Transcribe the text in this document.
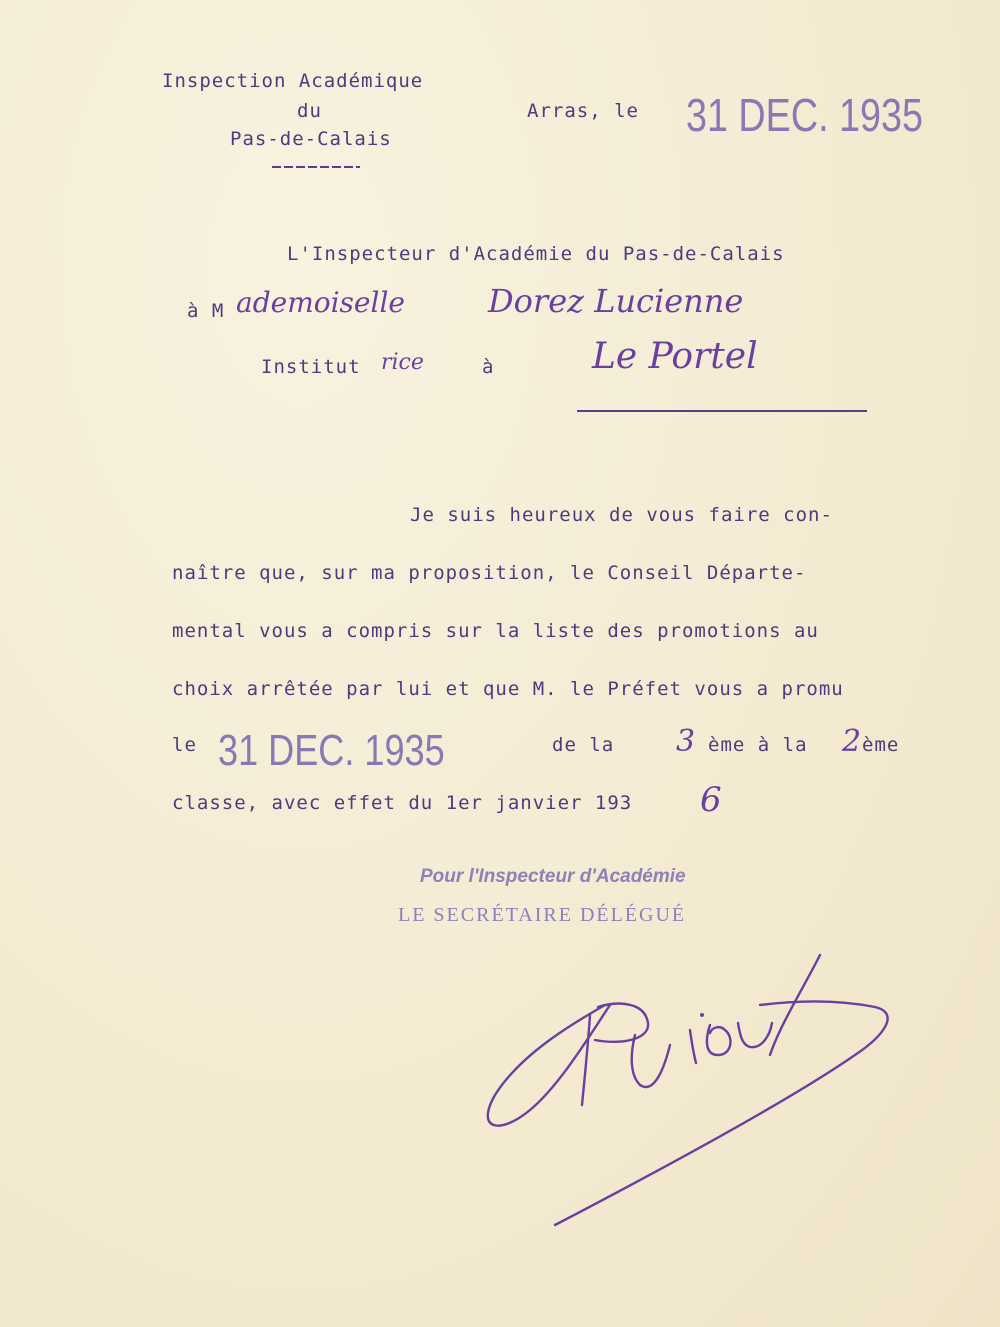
Inspection Académique
du
Pas-de-Calais
Arras, le 31 DEC. 1935
L'Inspecteur d'Académie du Pas-de-Calais
à M ademoiselle	Dorez Lucienne
Institut rice	à	Le Portel
Je suis heureux de vous faire con-
naître que, sur ma proposition, le Conseil Départe-
mental vous a compris sur la liste des promotions au
choix arrêtée par lui et que M. le Préfet vous a promu
le 31 DEC. 1935	de la 3 ème à la 2 ème
classe, avec effet du 1er janvier 193 6
Pour l'Inspecteur d'Académie
LE SECRÉTAIRE DÉLÉGUÉ
